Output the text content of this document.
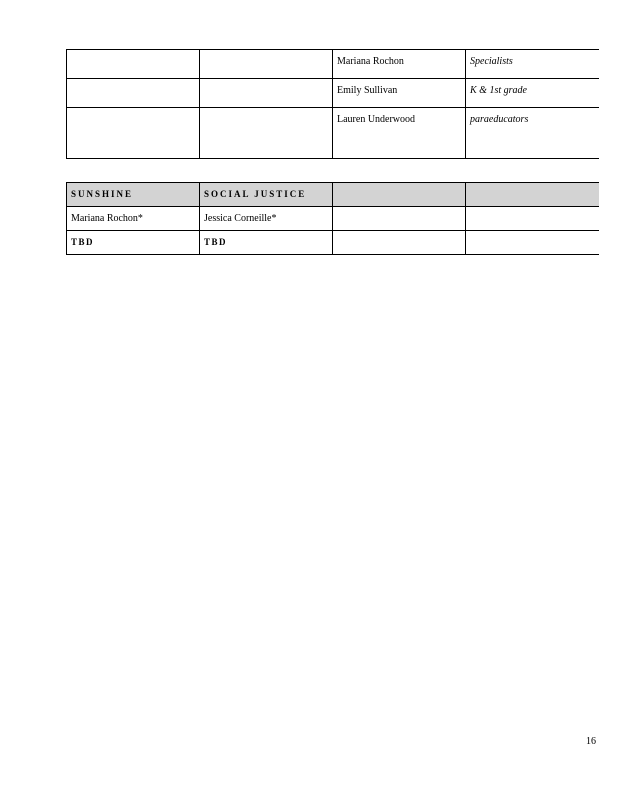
		Mariana Rochon	Specialists
		Emily Sullivan	K & 1st grade
		Lauren Underwood	paraeducators
SUNSHINE	SOCIAL JUSTICE		
Mariana Rochon*	Jessica Corneille*		
TBD	TBD		
16
